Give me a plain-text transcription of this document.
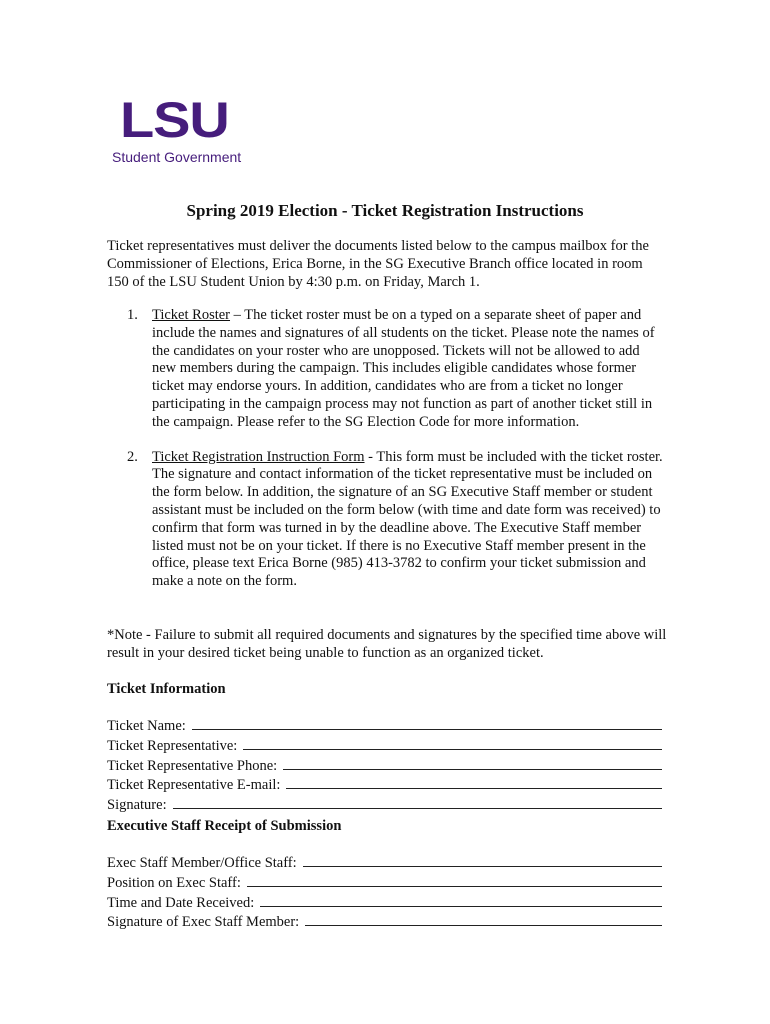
LSU
Student Government
Spring 2019 Election - Ticket Registration Instructions
Ticket representatives must deliver the documents listed below to the campus mailbox for the Commissioner of Elections, Erica Borne, in the SG Executive Branch office located in room 150 of the LSU Student Union by 4:30 p.m. on Friday, March 1.
1. Ticket Roster – The ticket roster must be on a typed on a separate sheet of paper and include the names and signatures of all students on the ticket. Please note the names of the candidates on your roster who are unopposed. Tickets will not be allowed to add new members during the campaign. This includes eligible candidates whose former ticket may endorse yours. In addition, candidates who are from a ticket no longer participating in the campaign process may not function as part of another ticket still in the campaign. Please refer to the SG Election Code for more information.
2. Ticket Registration Instruction Form - This form must be included with the ticket roster. The signature and contact information of the ticket representative must be included on the form below. In addition, the signature of an SG Executive Staff member or student assistant must be included on the form below (with time and date form was received) to confirm that form was turned in by the deadline above. The Executive Staff member listed must not be on your ticket. If there is no Executive Staff member present in the office, please text Erica Borne (985) 413-3782 to confirm your ticket submission and make a note on the form.
*Note - Failure to submit all required documents and signatures by the specified time above will result in your desired ticket being unable to function as an organized ticket.
Ticket Information
Ticket Name:
Ticket Representative:
Ticket Representative Phone:
Ticket Representative E-mail:
Signature:
Executive Staff Receipt of Submission
Exec Staff Member/Office Staff:
Position on Exec Staff:
Time and Date Received:
Signature of Exec Staff Member:
